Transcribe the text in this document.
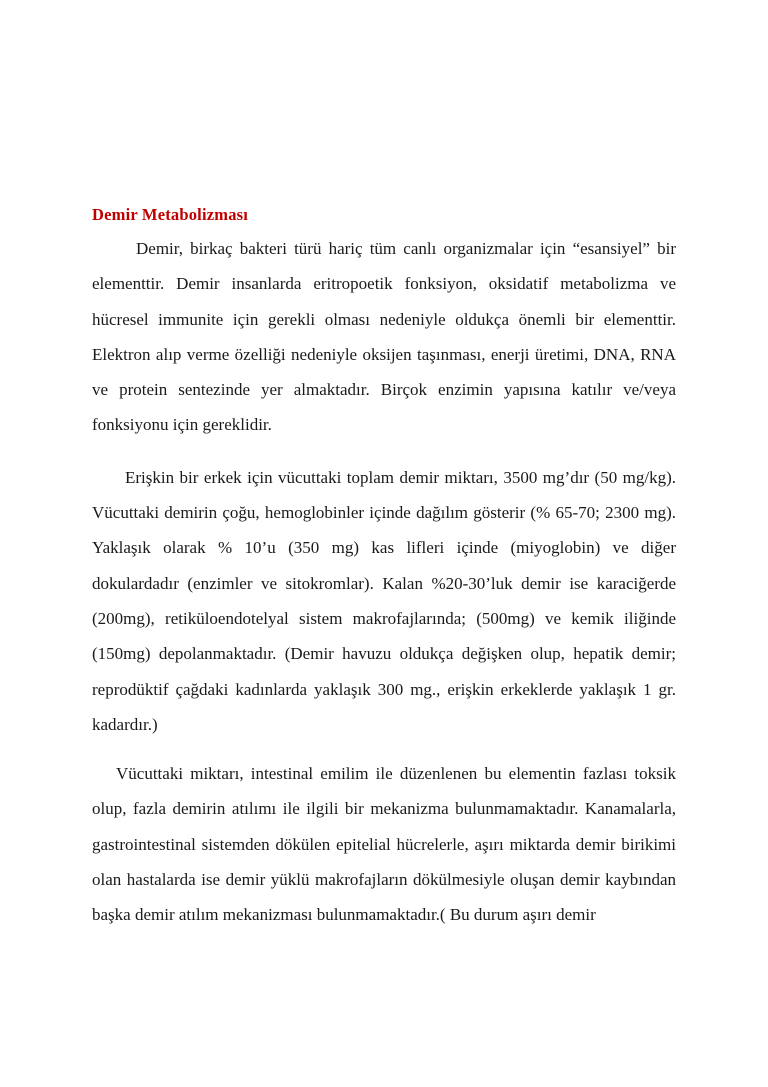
Demir Metabolizması

Demir, birkaç bakteri türü hariç tüm canlı organizmalar için “esansiyel” bir elementtir. Demir insanlarda eritropoetik fonksiyon, oksidatif metabolizma ve hücresel immunite için gerekli olması nedeniyle oldukça önemli bir elementtir. Elektron alıp verme özelliği nedeniyle oksijen taşınması, enerji üretimi, DNA, RNA ve protein sentezinde yer almaktadır. Birçok enzimin yapısına katılır ve/veya fonksiyonu için gereklidir.

Erişkin bir erkek için vücuttaki toplam demir miktarı, 3500 mg’dır (50 mg/kg). Vücuttaki demirin çoğu, hemoglobinler içinde dağılım gösterir (% 65-70; 2300 mg). Yaklaşık olarak % 10’u (350 mg) kas lifleri içinde (miyoglobin) ve diğer dokulardadır (enzimler ve sitokromlar). Kalan %20-30’luk demir ise karaciğerde (200mg), retiküloendotelyal sistem makrofajlarında; (500mg) ve kemik iliğinde (150mg) depolanmaktadır. (Demir havuzu oldukça değişken olup, hepatik demir; reprodüktif çağdaki kadınlarda yaklaşık 300 mg., erişkin erkeklerde yaklaşık 1 gr. kadardır.)

Vücuttaki miktarı, intestinal emilim ile düzenlenen bu elementin fazlası toksik olup, fazla demirin atılımı ile ilgili bir mekanizma bulunmamaktadır. Kanamalarla, gastrointestinal sistemden dökülen epitelial hücrelerle, aşırı miktarda demir birikimi olan hastalarda ise demir yüklü makrofajların dökülmesiyle oluşan demir kaybından başka demir atılım mekanizması bulunmamaktadır.( Bu durum aşırı demir
